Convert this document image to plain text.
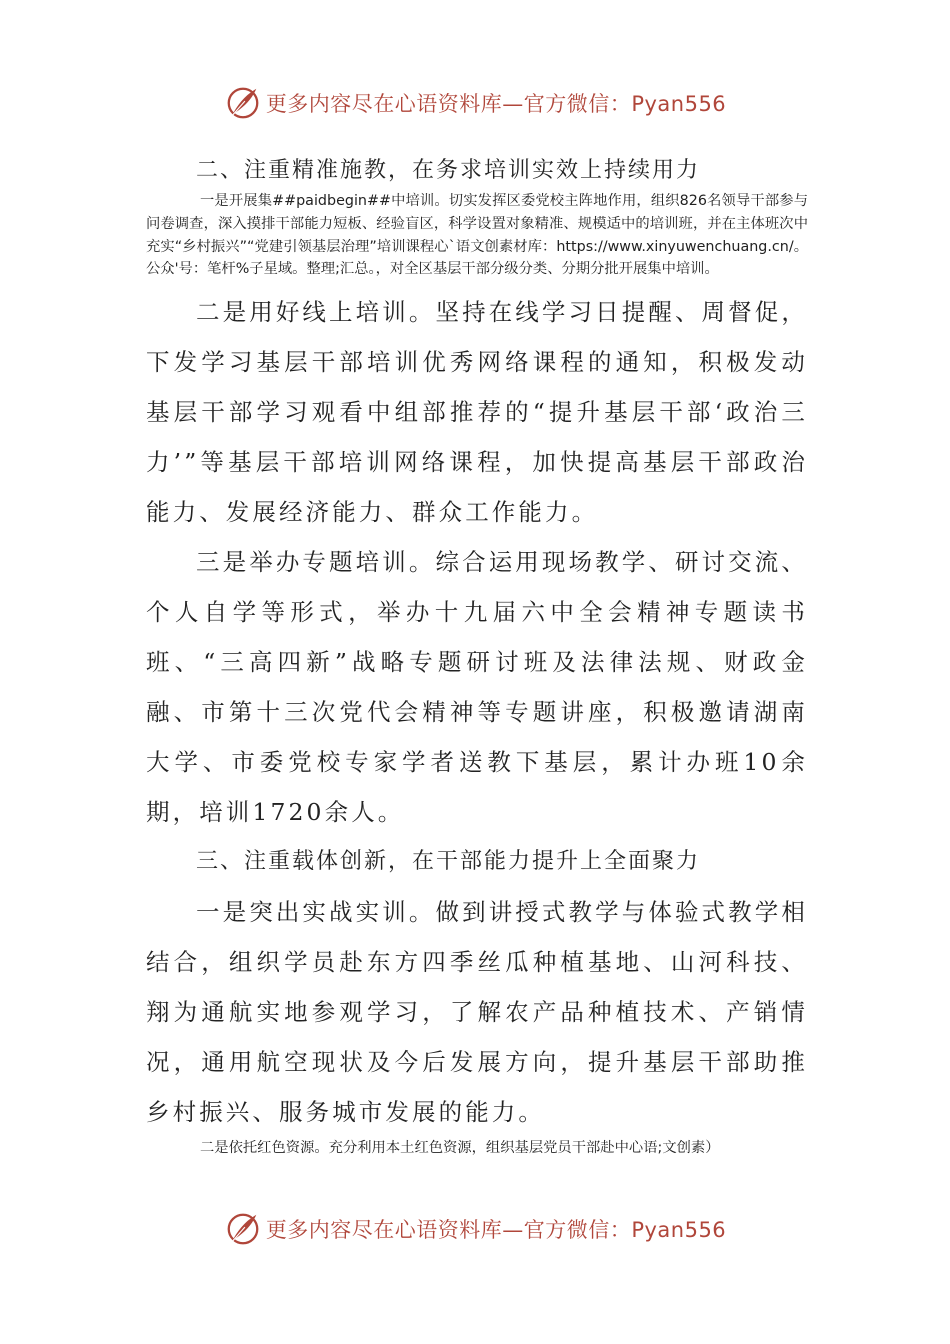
更多内容尽在心语资料库—官方微信：Pyan556

二、注重精准施教，在务求培训实效上持续用力

一是开展集##paidbegin##中培训。切实发挥区委党校主阵地作用，组织826名领导干部参与问卷调查，深入摸排干部能力短板、经验盲区，科学设置对象精准、规模适中的培训班，并在主体班次中充实“乡村振兴”“党建引领基层治理”培训课程心`语文创素材库：https://www.xinyuwenchuang.cn/。公众'号：笔杆%子星域。整理;汇总。，对全区基层干部分级分类、分期分批开展集中培训。

二是用好线上培训。坚持在线学习日提醒、周督促，下发学习基层干部培训优秀网络课程的通知，积极发动基层干部学习观看中组部推荐的“提升基层干部‘政治三力’”等基层干部培训网络课程，加快提高基层干部政治能力、发展经济能力、群众工作能力。

三是举办专题培训。综合运用现场教学、研讨交流、个人自学等形式，举办十九届六中全会精神专题读书班、“三高四新”战略专题研讨班及法律法规、财政金融、市第十三次党代会精神等专题讲座，积极邀请湖南大学、市委党校专家学者送教下基层，累计办班10余期，培训1720余人。

三、注重载体创新，在干部能力提升上全面聚力

一是突出实战实训。做到讲授式教学与体验式教学相结合，组织学员赴东方四季丝瓜种植基地、山河科技、翔为通航实地参观学习，了解农产品种植技术、产销情况，通用航空现状及今后发展方向，提升基层干部助推乡村振兴、服务城市发展的能力。

二是依托红色资源。充分利用本土红色资源，组织基层党员干部赴中心语;文创素）

更多内容尽在心语资料库—官方微信：Pyan556
